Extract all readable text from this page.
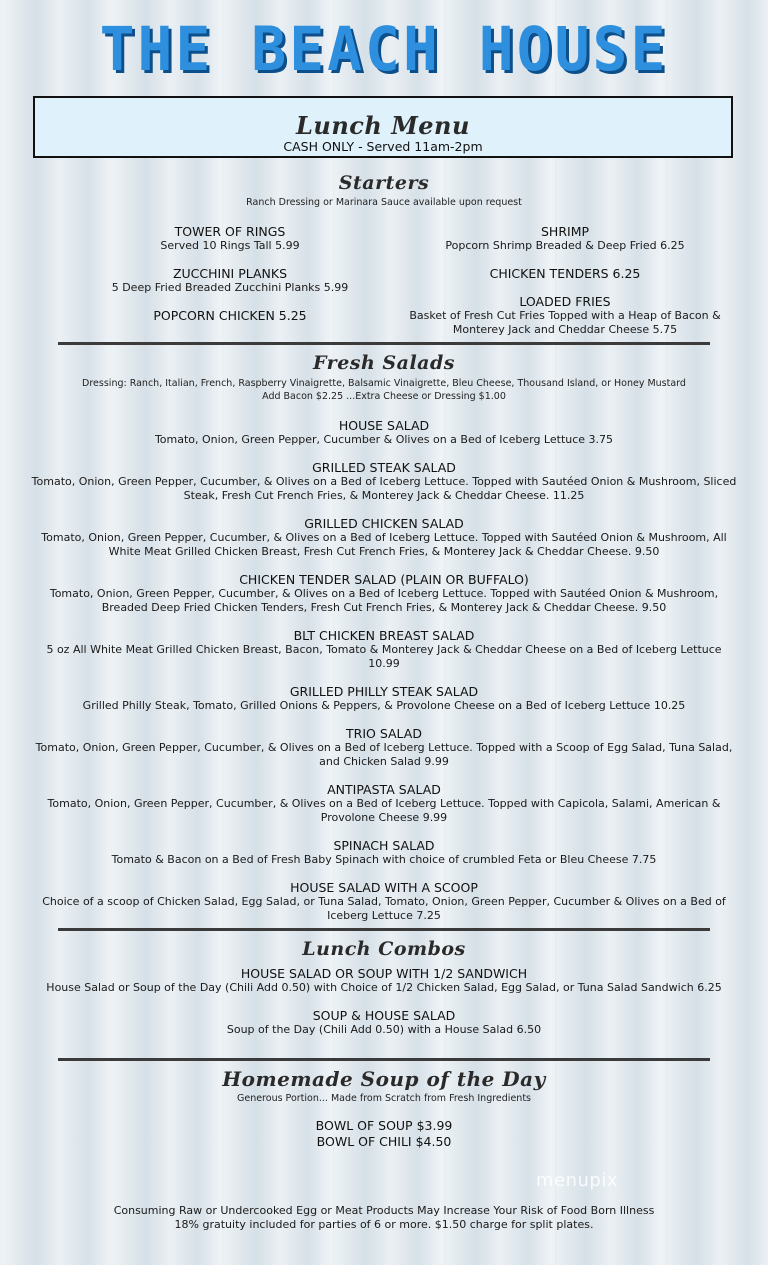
THE BEACH HOUSE
Lunch Menu
CASH ONLY - Served 11am-2pm
Starters
Ranch Dressing or Marinara Sauce available upon request
TOWER OF RINGS
Served 10 Rings Tall 5.99
ZUCCHINI PLANKS
5 Deep Fried Breaded Zucchini Planks 5.99
POPCORN CHICKEN 5.25
SHRIMP
Popcorn Shrimp Breaded & Deep Fried 6.25
CHICKEN TENDERS 6.25
LOADED FRIES
Basket of Fresh Cut Fries Topped with a Heap of Bacon & Monterey Jack and Cheddar Cheese 5.75
Fresh Salads
Dressing: Ranch, Italian, French, Raspberry Vinaigrette, Balsamic Vinaigrette, Bleu Cheese, Thousand Island, or Honey Mustard
Add Bacon $2.25 ...Extra Cheese or Dressing $1.00
HOUSE SALAD
Tomato, Onion, Green Pepper, Cucumber & Olives on a Bed of Iceberg Lettuce 3.75
GRILLED STEAK SALAD
Tomato, Onion, Green Pepper, Cucumber, & Olives on a Bed of Iceberg Lettuce. Topped with Sautéed Onion & Mushroom, Sliced Steak, Fresh Cut French Fries, & Monterey Jack & Cheddar Cheese. 11.25
GRILLED CHICKEN SALAD
Tomato, Onion, Green Pepper, Cucumber, & Olives on a Bed of Iceberg Lettuce. Topped with Sautéed Onion & Mushroom, All White Meat Grilled Chicken Breast, Fresh Cut French Fries, & Monterey Jack & Cheddar Cheese. 9.50
CHICKEN TENDER SALAD (PLAIN OR BUFFALO)
Tomato, Onion, Green Pepper, Cucumber, & Olives on a Bed of Iceberg Lettuce. Topped with Sautéed Onion & Mushroom, Breaded Deep Fried Chicken Tenders, Fresh Cut French Fries, & Monterey Jack & Cheddar Cheese. 9.50
BLT CHICKEN BREAST SALAD
5 oz All White Meat Grilled Chicken Breast, Bacon, Tomato & Monterey Jack & Cheddar Cheese on a Bed of Iceberg Lettuce 10.99
GRILLED PHILLY STEAK SALAD
Grilled Philly Steak, Tomato, Grilled Onions & Peppers, & Provolone Cheese on a Bed of Iceberg Lettuce 10.25
TRIO SALAD
Tomato, Onion, Green Pepper, Cucumber, & Olives on a Bed of Iceberg Lettuce. Topped with a Scoop of Egg Salad, Tuna Salad, and Chicken Salad 9.99
ANTIPASTA SALAD
Tomato, Onion, Green Pepper, Cucumber, & Olives on a Bed of Iceberg Lettuce. Topped with Capicola, Salami, American & Provolone Cheese 9.99
SPINACH SALAD
Tomato & Bacon on a Bed of Fresh Baby Spinach with choice of crumbled Feta or Bleu Cheese 7.75
HOUSE SALAD WITH A SCOOP
Choice of a scoop of Chicken Salad, Egg Salad, or Tuna Salad, Tomato, Onion, Green Pepper, Cucumber & Olives on a Bed of Iceberg Lettuce 7.25
Lunch Combos
HOUSE SALAD OR SOUP WITH 1/2 SANDWICH
House Salad or Soup of the Day (Chili Add 0.50) with Choice of 1/2 Chicken Salad, Egg Salad, or Tuna Salad Sandwich 6.25
SOUP & HOUSE SALAD
Soup of the Day (Chili Add 0.50) with a House Salad 6.50
Homemade Soup of the Day
Generous Portion... Made from Scratch from Fresh Ingredients
BOWL OF SOUP $3.99
BOWL OF CHILI $4.50
menupix
Consuming Raw or Undercooked Egg or Meat Products May Increase Your Risk of Food Born Illness
18% gratuity included for parties of 6 or more. $1.50 charge for split plates.
